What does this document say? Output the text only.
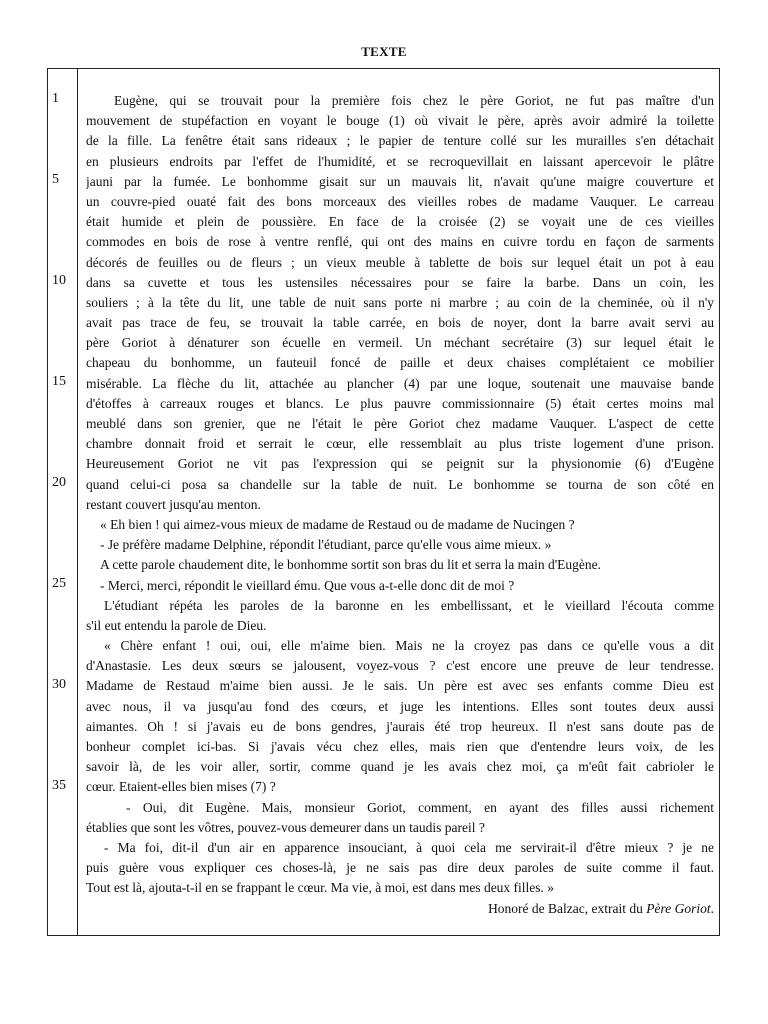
TEXTE
1
5
10
15
20
25
30
35
Eugène, qui se trouvait pour la première fois chez le père Goriot, ne fut pas maître d'un
mouvement de stupéfaction en voyant le bouge (1) où vivait le père, après avoir admiré la toilette
de la fille. La fenêtre était sans rideaux ; le papier de tenture collé sur les murailles s'en détachait
en plusieurs endroits par l'effet de l'humidité, et se recroquevillait en laissant apercevoir le plâtre
jauni par la fumée. Le bonhomme gisait sur un mauvais lit, n'avait qu'une maigre couverture et
un couvre-pied ouaté fait des bons morceaux des vieilles robes de madame Vauquer. Le carreau
était humide et plein de poussière. En face de la croisée (2) se voyait une de ces vieilles
commodes en bois de rose à ventre renflé, qui ont des mains en cuivre tordu en façon de sarments
décorés de feuilles ou de fleurs ; un vieux meuble à tablette de bois sur lequel était un pot à eau
dans sa cuvette et tous les ustensiles nécessaires pour se faire la barbe. Dans un coin, les
souliers ; à la tête du lit, une table de nuit sans porte ni marbre ; au coin de la cheminée, où il n'y
avait pas trace de feu, se trouvait la table carrée, en bois de noyer, dont la barre avait servi au
père Goriot à dénaturer son écuelle en vermeil. Un méchant secrétaire (3) sur lequel était le
chapeau du bonhomme, un fauteuil foncé de paille et deux chaises complétaient ce mobilier
misérable. La flèche du lit, attachée au plancher (4) par une loque, soutenait une mauvaise bande
d'étoffes à carreaux rouges et blancs. Le plus pauvre commissionnaire (5) était certes moins mal
meublé dans son grenier, que ne l'était le père Goriot chez madame Vauquer. L'aspect de cette
chambre donnait froid et serrait le cœur, elle ressemblait au plus triste logement d'une prison.
Heureusement Goriot ne vit pas l'expression qui se peignit sur la physionomie (6) d'Eugène
quand celui-ci posa sa chandelle sur la table de nuit. Le bonhomme se tourna de son côté en
restant couvert jusqu'au menton.
« Eh bien ! qui aimez-vous mieux de madame de Restaud ou de madame de Nucingen ?
- Je préfère madame Delphine, répondit l'étudiant, parce qu'elle vous aime mieux. »
A cette parole chaudement dite, le bonhomme sortit son bras du lit et serra la main d'Eugène.
- Merci, merci, répondit le vieillard ému. Que vous a-t-elle donc dit de moi ?
L'étudiant répéta les paroles de la baronne en les embellissant, et le vieillard l'écouta comme
s'il eut entendu la parole de Dieu.
« Chère enfant ! oui, oui, elle m'aime bien. Mais ne la croyez pas dans ce qu'elle vous a dit
d'Anastasie. Les deux sœurs se jalousent, voyez-vous ? c'est encore une preuve de leur tendresse.
Madame de Restaud m'aime bien aussi. Je le sais. Un père est avec ses enfants comme Dieu est
avec nous, il va jusqu'au fond des cœurs, et juge les intentions. Elles sont toutes deux aussi
aimantes. Oh ! si j'avais eu de bons gendres, j'aurais été trop heureux. Il n'est sans doute pas de
bonheur complet ici-bas. Si j'avais vécu chez elles, mais rien que d'entendre leurs voix, de les
savoir là, de les voir aller, sortir, comme quand je les avais chez moi, ça m'eût fait cabrioler le
cœur. Etaient-elles bien mises (7) ?
- Oui, dit Eugène. Mais, monsieur Goriot, comment, en ayant des filles aussi richement
établies que sont les vôtres, pouvez-vous demeurer dans un taudis pareil ?
- Ma foi, dit-il d'un air en apparence insouciant, à quoi cela me servirait-il d'être mieux ? je ne
puis guère vous expliquer ces choses-là, je ne sais pas dire deux paroles de suite comme il faut.
Tout est là, ajouta-t-il en se frappant le cœur. Ma vie, à moi, est dans mes deux filles. »
Honoré de Balzac, extrait du Père Goriot.
